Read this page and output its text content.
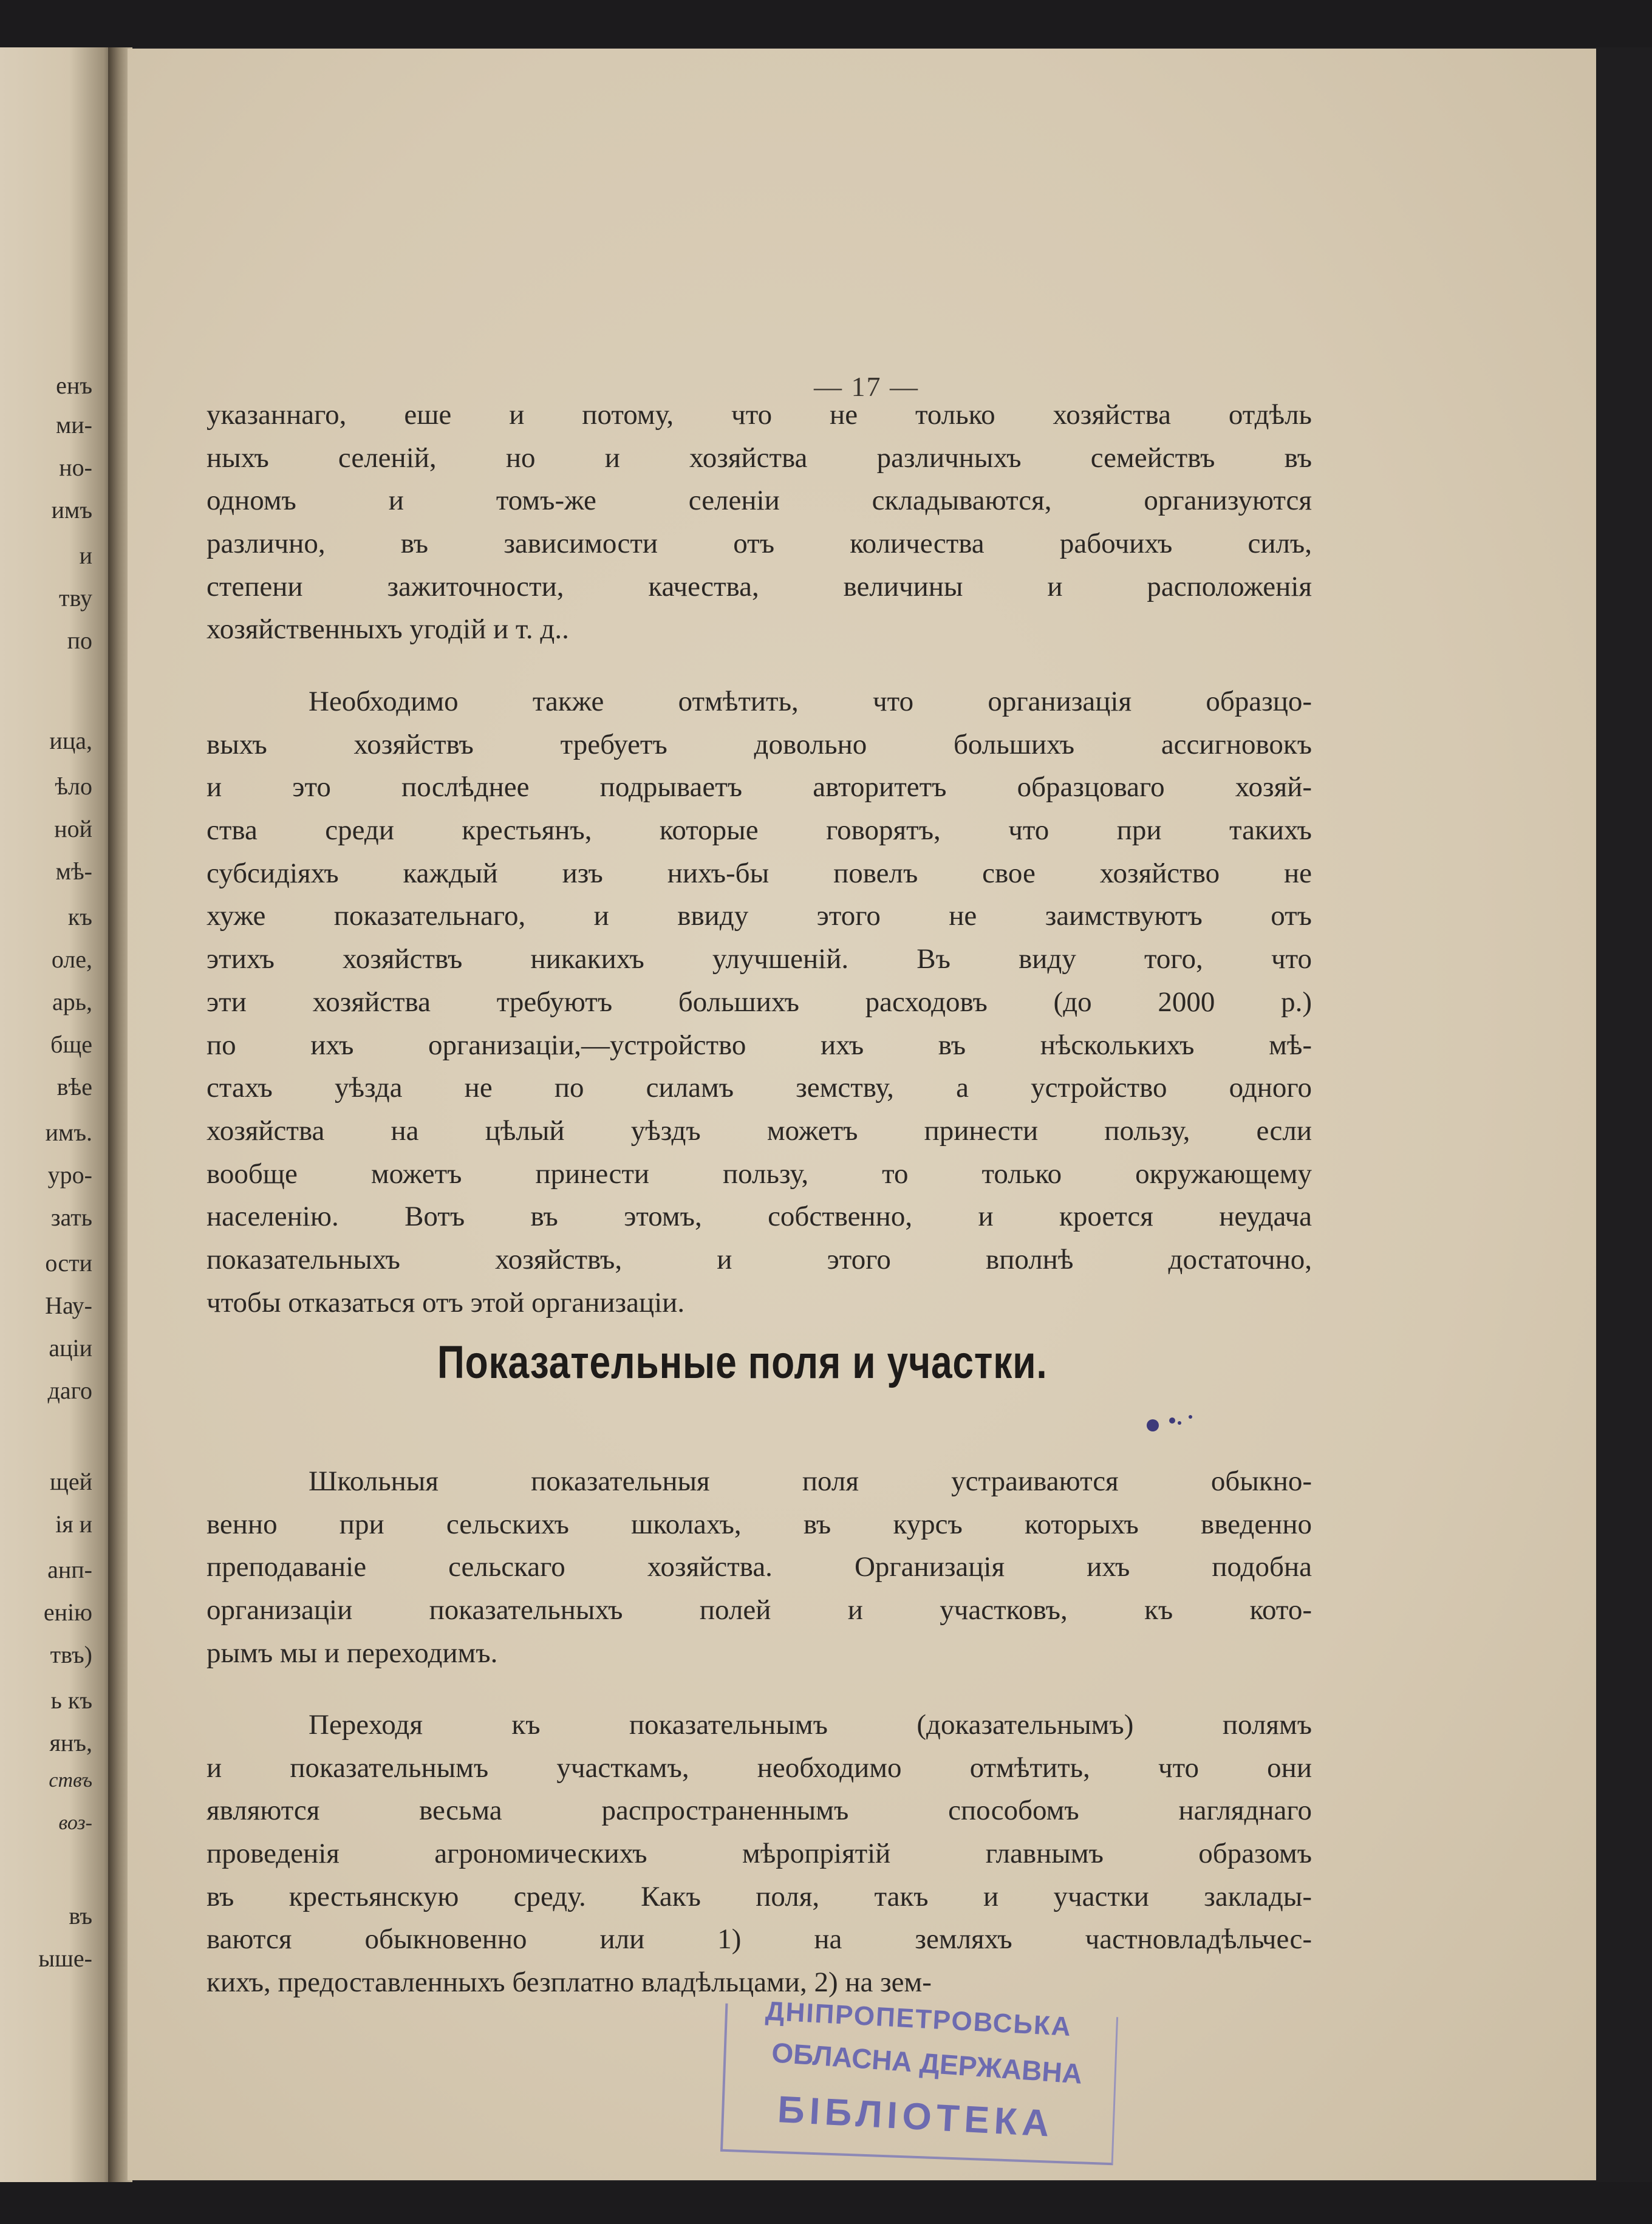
енъ
ми-
но-
имъ
и
тву
по
ица,
ѣло
ной
мѣ-
къ
оле,
арь,
бще
вѣе
имъ.
уро-
зать
ости
Нау-
аціи
даго
щей
ія и
анп-
енію
твъ)
ь къ
янъ,
ствъ
воз-
въ
ыше-
— 17 —
указаннаго, еше и потому, что не только хозяйства отдѣль
ныхъ селеній, но и хозяйства различныхъ семействъ въ
одномъ и томъ-же селеніи складываются, организуются
различно, въ зависимости отъ количества рабочихъ силъ,
степени зажиточности, качества, величины и расположенія
хозяйственныхъ угодій и т. д..
Необходимо также отмѣтить, что организація образцо-
выхъ хозяйствъ требуетъ довольно большихъ ассигновокъ
и это послѣднее подрываетъ авторитетъ образцоваго хозяй-
ства среди крестьянъ, которые говорятъ, что при такихъ
субсидіяхъ каждый изъ нихъ-бы повелъ свое хозяйство не
хуже показательнаго, и ввиду этого не заимствуютъ отъ
этихъ хозяйствъ никакихъ улучшеній. Въ виду того, что
эти хозяйства требуютъ большихъ расходовъ (до 2000 р.)
по ихъ организаціи,—устройство ихъ въ нѣсколькихъ мѣ-
стахъ уѣзда не по силамъ земству, а устройство одного
хозяйства на цѣлый уѣздъ можетъ принести пользу, если
вообще можетъ принести пользу, то только окружающему
населенію. Вотъ въ этомъ, собственно, и кроется неудача
показательныхъ хозяйствъ, и этого вполнѣ достаточно,
чтобы отказаться отъ этой организаціи.
Показательные поля и участки.
Школьныя показательныя поля устраиваются обыкно-
венно при сельскихъ школахъ, въ курсъ которыхъ введенно
преподаваніе сельскаго хозяйства. Организація ихъ подобна
организаціи показательныхъ полей и участковъ, къ кото-
рымъ мы и переходимъ.
Переходя къ показательнымъ (доказательнымъ) полямъ
и показательнымъ участкамъ, необходимо отмѣтить, что они
являются весьма распространеннымъ способомъ нагляднаго
проведенія агрономическихъ мѣропріятій главнымъ образомъ
въ крестьянскую среду. Какъ поля, такъ и участки заклады-
ваются обыкновенно или 1) на земляхъ частновладѣльчес-
кихъ, предоставленныхъ безплатно владѣльцами, 2) на зем-
ДНІПРОПЕТРОВСЬКА
ОБЛАСНА ДЕРЖАВНА
БІБЛІОТЕКА
